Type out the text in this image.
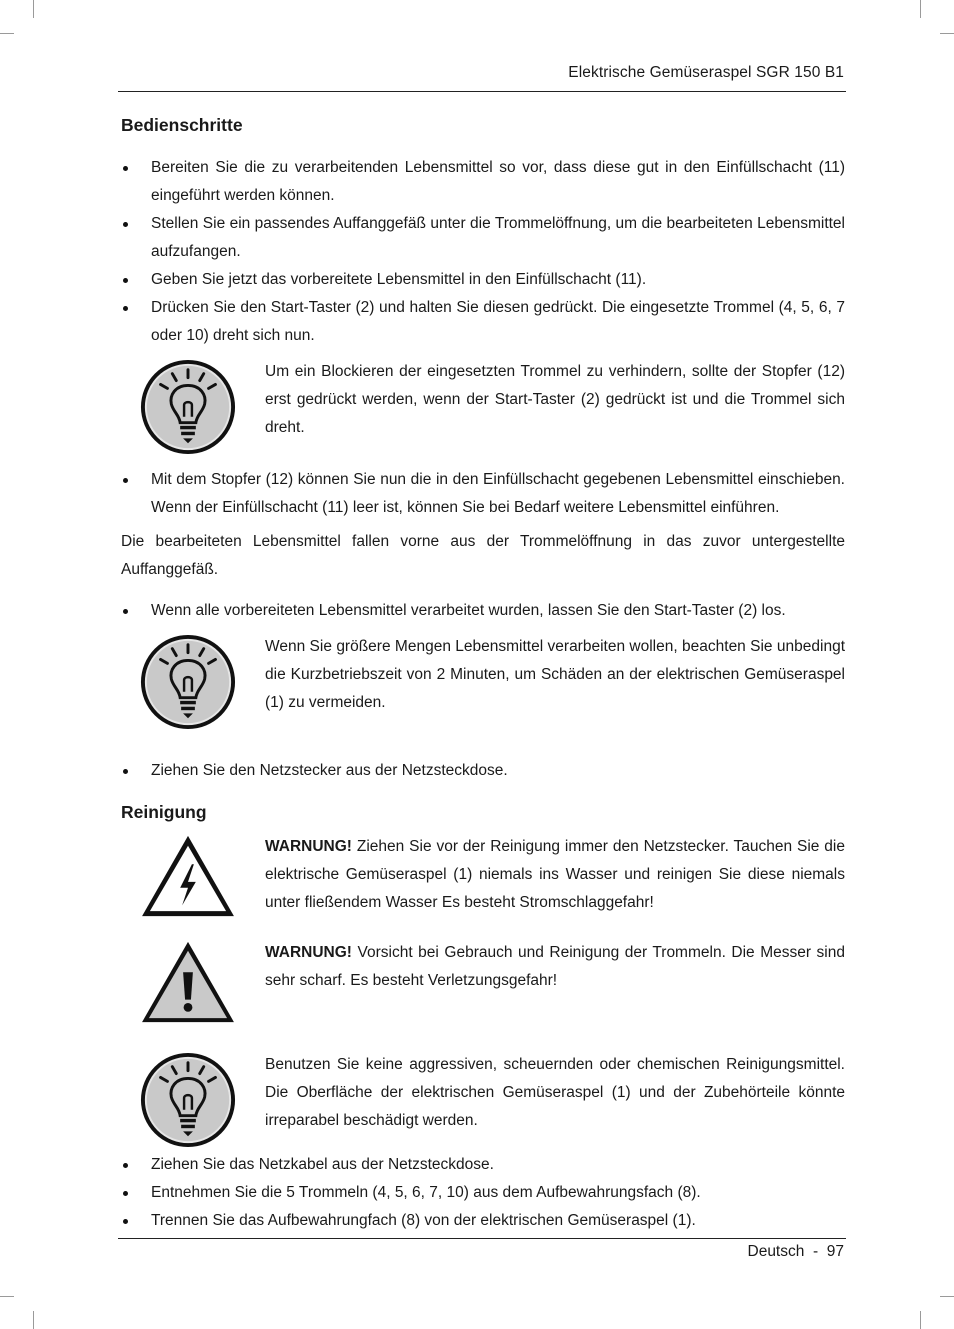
Elektrische Gemüseraspel SGR 150 B1
Bedienschritte
Bereiten Sie die zu verarbeitenden Lebensmittel so vor, dass diese gut in den Einfüllschacht (11) eingeführt werden können.
Stellen Sie ein passendes Auffanggefäß unter die Trommelöffnung, um die bearbeiteten Lebensmittel aufzufangen.
Geben Sie jetzt das vorbereitete Lebensmittel in den Einfüllschacht (11).
Drücken Sie den Start-Taster (2) und halten Sie diesen gedrückt. Die eingesetzte Trommel (4, 5, 6, 7 oder 10) dreht sich nun.
Um ein Blockieren der eingesetzten Trommel zu verhindern, sollte der Stopfer (12) erst gedrückt werden, wenn der Start-Taster (2) gedrückt ist und die Trommel sich dreht.
Mit dem Stopfer (12) können Sie nun die in den Einfüllschacht gegebenen Lebensmittel einschieben. Wenn der Einfüllschacht (11) leer ist, können Sie bei Bedarf weitere Lebensmittel einführen.

Die bearbeiteten Lebensmittel fallen vorne aus der Trommelöffnung in das zuvor untergestellte Auffanggefäß.

Wenn alle vorbereiteten Lebensmittel verarbeitet wurden, lassen Sie den Start-Taster (2) los.
Wenn Sie größere Mengen Lebensmittel verarbeiten wollen, beachten Sie unbedingt die Kurzbetriebszeit von 2 Minuten, um Schäden an der elektrischen Gemüseraspel (1) zu vermeiden.
Ziehen Sie den Netzstecker aus der Netzsteckdose.
Reinigung
WARNUNG! Ziehen Sie vor der Reinigung immer den Netzstecker. Tauchen Sie die elektrische Gemüseraspel (1) niemals ins Wasser und reinigen Sie diese niemals unter fließendem Wasser Es besteht Stromschlaggefahr!
WARNUNG! Vorsicht bei Gebrauch und Reinigung der Trommeln. Die Messer sind sehr scharf. Es besteht Verletzungsgefahr!
Benutzen Sie keine aggressiven, scheuernden oder chemischen Reinigungsmittel. Die Oberfläche der elektrischen Gemüseraspel (1) und der Zubehörteile könnte irreparabel beschädigt werden.
Ziehen Sie das Netzkabel aus der Netzsteckdose.
Entnehmen Sie die 5 Trommeln (4, 5, 6, 7, 10) aus dem Aufbewahrungsfach (8).
Trennen Sie das Aufbewahrungfach (8) von der elektrischen Gemüseraspel (1).
Deutsch  -  97
